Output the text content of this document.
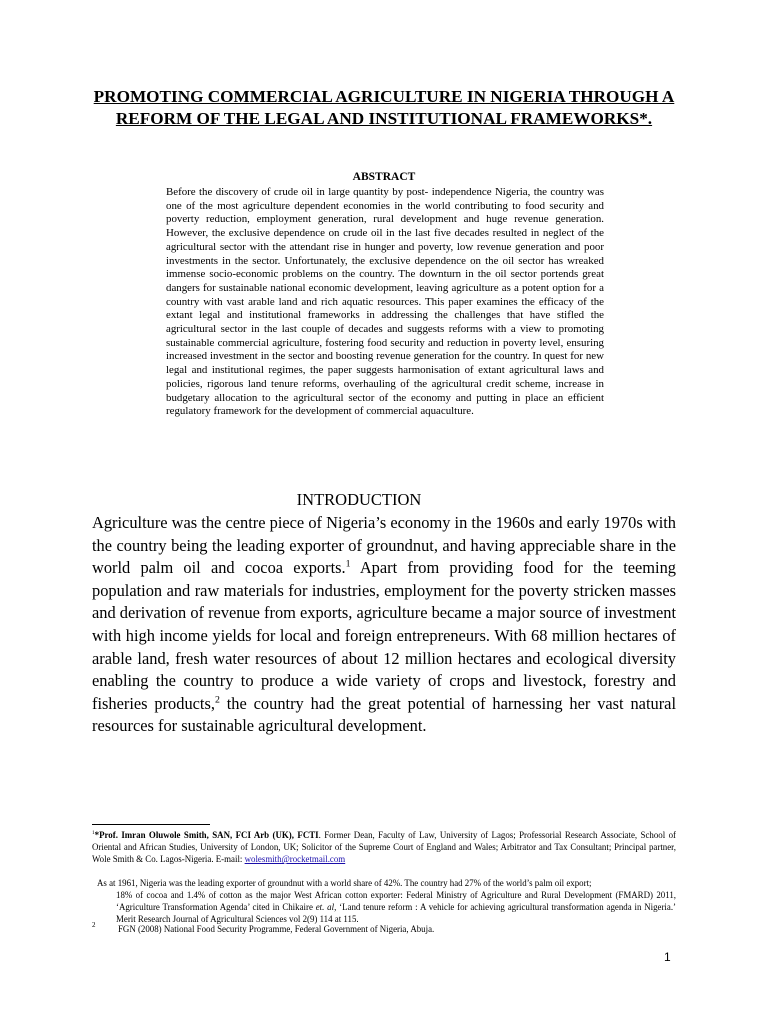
PROMOTING COMMERCIAL AGRICULTURE IN NIGERIA THROUGH A REFORM OF THE LEGAL AND INSTITUTIONAL FRAMEWORKS*.
ABSTRACT
Before the discovery of crude oil in large quantity by post- independence Nigeria, the country was one of the most agriculture dependent economies in the world contributing to food security and poverty reduction, employment generation, rural development and huge revenue generation. However, the exclusive dependence on crude oil in the last five decades resulted in neglect of the agricultural sector with the attendant rise in hunger and poverty, low revenue generation and poor investments in the sector. Unfortunately, the exclusive dependence on the oil sector has wreaked immense socio-economic problems on the country. The downturn in the oil sector portends great dangers for sustainable national economic development, leaving agriculture as a potent option for a country with vast arable land and rich aquatic resources. This paper examines the efficacy of the extant legal and institutional frameworks in addressing the challenges that have stifled the agricultural sector in the last couple of decades and suggests reforms with a view to promoting sustainable commercial agriculture, fostering food security and reduction in poverty level, ensuring increased investment in the sector and boosting revenue generation for the country. In quest for new legal and institutional regimes, the paper suggests harmonisation of extant agricultural laws and policies, rigorous land tenure reforms, overhauling of the agricultural credit scheme, increase in budgetary allocation to the agricultural sector of the economy and putting in place an efficient regulatory framework for the development of commercial aquaculture.
INTRODUCTION
Agriculture was the centre piece of Nigeria’s economy in the 1960s and early 1970s with the country being the leading exporter of groundnut, and having appreciable share in the world palm oil and cocoa exports.$^1$ Apart from providing food for the teeming population and raw materials for industries, employment for the poverty stricken masses and derivation of revenue from exports, agriculture became a major source of investment with high income yields for local and foreign entrepreneurs. With 68 million hectares of arable land, fresh water resources of about 12 million hectares and ecological diversity enabling the country to produce a wide variety of crops and livestock, forestry and fisheries products,$^2$ the country had the great potential of harnessing her vast natural resources for sustainable agricultural development.
$^1$*Prof. Imran Oluwole Smith, SAN, FCI Arb (UK), FCTI. Former Dean, Faculty of Law, University of Lagos; Professorial Research Associate, School of Oriental and African Studies, University of London, UK; Solicitor of the Supreme Court of England and Wales; Arbitrator and Tax Consultant; Principal partner, Wole Smith & Co. Lagos-Nigeria. E-mail: wolesmith@rocketmail.com
As at 1961, Nigeria was the leading exporter of groundnut with a world share of 42%. The country had 27% of the world’s palm oil export;
18% of cocoa and 1.4% of cotton as the major West African cotton exporter: Federal Ministry of Agriculture and Rural Development (FMARD) 2011, ‘Agriculture Transformation Agenda’ cited in Chikaire et. al, ‘Land tenure reform : A vehicle for achieving agricultural transformation agenda in Nigeria.’ Merit Research Journal of Agricultural Sciences vol 2(9) 114 at 115.
2	FGN (2008) National Food Security Programme, Federal Government of Nigeria, Abuja.
1
